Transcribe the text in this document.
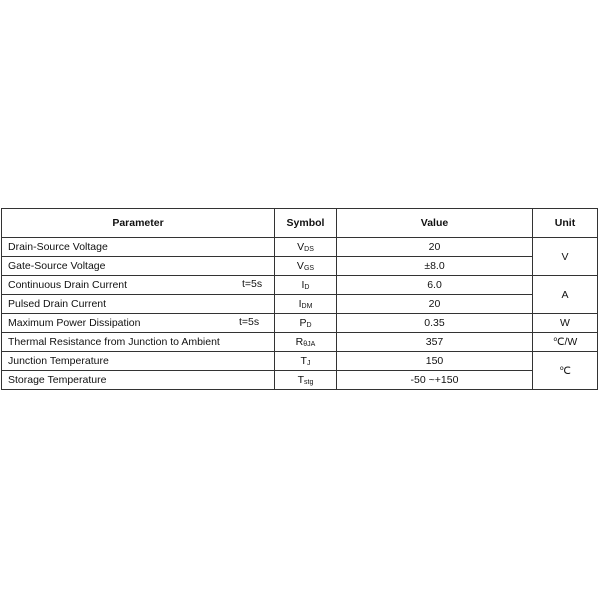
Parameter	Symbol	Value	Unit
Drain-Source Voltage	$V_{DS}$	20	V
Gate-Source Voltage	$V_{GS}$	±8.0	
Continuous Drain Current t=5s	$I_D$	6.0	A
Pulsed Drain Current	$I_{DM}$	20	
Maximum Power Dissipation t=5s	$P_D$	0.35	W
Thermal Resistance from Junction to Ambient	$R_{\theta JA}$	357	℃/W
Junction Temperature	$T_J$	150	℃
Storage Temperature	$T_{stg}$	-50 ~+150	
